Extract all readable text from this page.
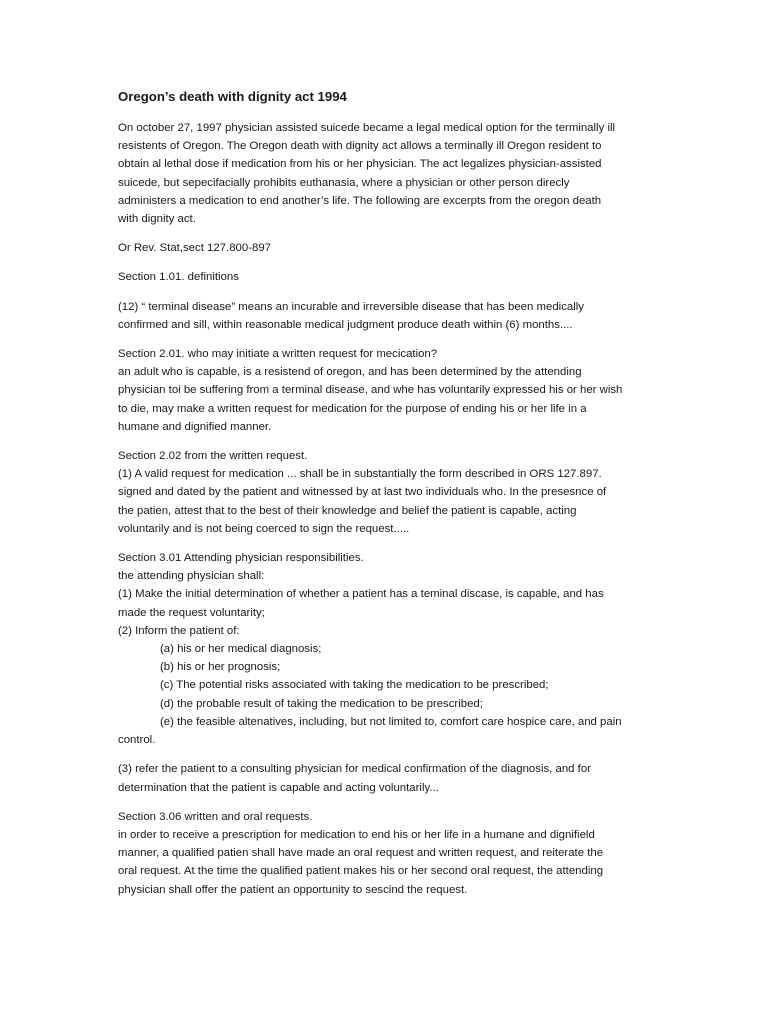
Oregon’s death with dignity act 1994
On october 27, 1997 physician assisted suicede became a legal medical option for the terminally ill
resistents of Oregon. The Oregon death with dignity act allows a terminally ill Oregon resident to
obtain al lethal dose if medication from his or her physician. The act legalizes physician-assisted
suicede, but sepecifacially prohibits euthanasia, where a physician or other person direcly
administers a medication to end another’s life. The following are excerpts from the oregon death
with dignity act.
Or Rev. Stat,sect 127.800-897
Section 1.01. definitions
(12) “ terminal disease” means an incurable and irreversible disease that has been medically
confirmed and sill, within reasonable medical judgment produce death within (6) months....
Section 2.01. who may initiate a written request for mecication?
an adult who is capable, is a resistend of oregon, and has been determined by the attending
physician toi be suffering from a terminal disease, and whe has voluntarily expressed his or her wish
to die, may make a written request for medication for the purpose of ending his or her life in a
humane and dignified manner.
Section 2.02 from the written request.
(1) A valid request for medication ... shall be in substantially the form described in ORS 127.897.
signed and dated by the patient and witnessed by at last two individuals who. In the presesnce of
the patien, attest that to the best of their knowledge and belief the patient is capable, acting
voluntarily and is not being coerced to sign the request.....
Section 3.01 Attending physician responsibilities.
the attending physician shall:
(1) Make the initial determination of whether a patient has a teminal discase, is capable, and has
made the request voluntarity;
(2) Inform the patient of:
(a) his or her medical diagnosis;
(b) his or her prognosis;
(c) The potential risks associated with taking the medication to be prescribed;
(d) the probable result of taking the medication to be prescribed;
(e) the feasible altenatives, including, but not limited to, comfort care hospice care, and pain
control.
(3) refer the patient to a consulting physician for medical confirmation of the diagnosis, and for
determination that the patient is capable and acting voluntarily...
Section 3.06 written and oral requests.
in order to receive a prescription for medication to end his or her life in a humane and dignifield
manner, a qualified patien shall have made an oral request and written request, and reiterate the
oral request. At the time the qualified patient makes his or her second oral request, the attending
physician shall offer the patient an opportunity to sescind the request.
